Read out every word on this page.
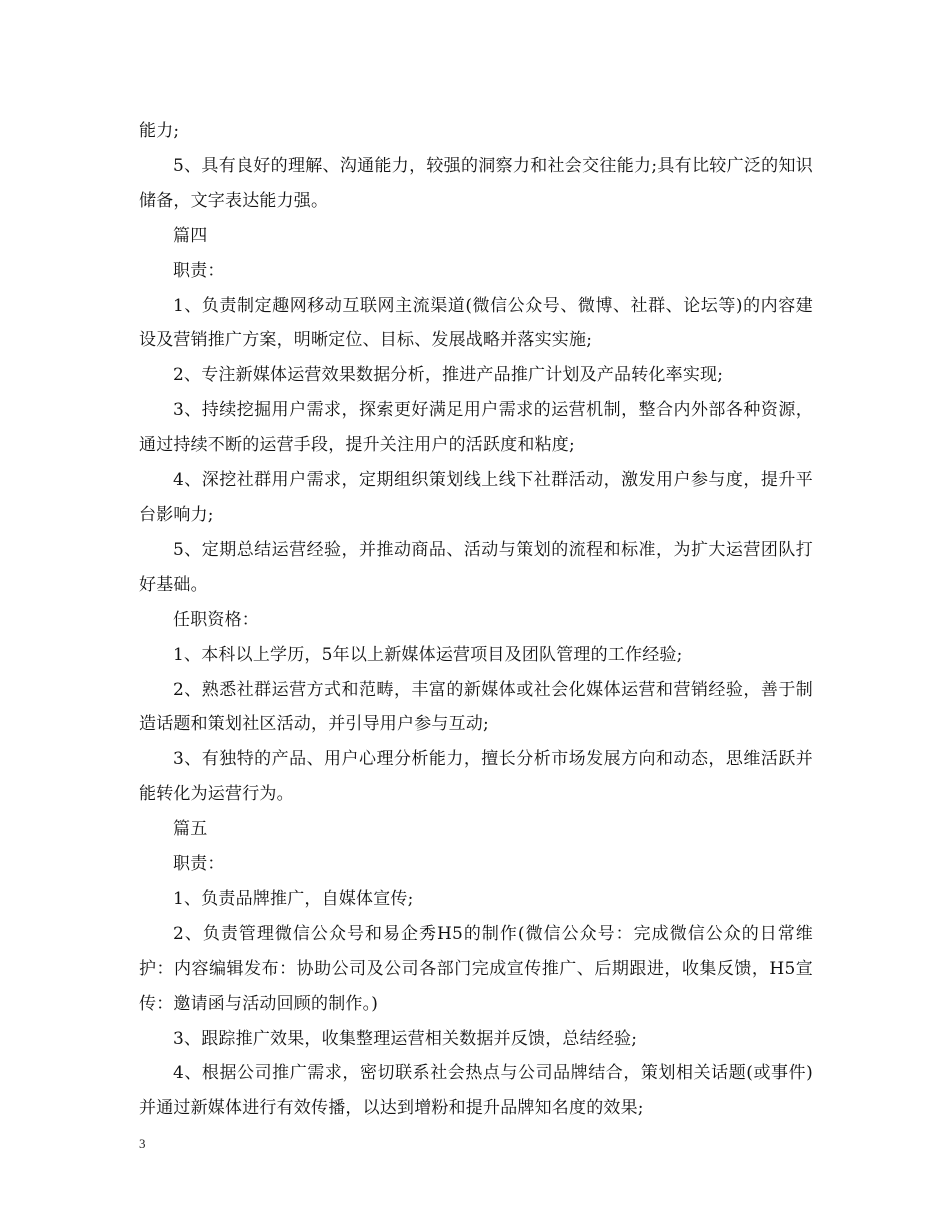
能力;

5、具有良好的理解、沟通能力，较强的洞察力和社会交往能力;具有比较广泛的知识储备，文字表达能力强。

篇四

职责：

1、负责制定趣网移动互联网主流渠道(微信公众号、微博、社群、论坛等)的内容建设及营销推广方案，明晰定位、目标、发展战略并落实实施;

2、专注新媒体运营效果数据分析，推进产品推广计划及产品转化率实现;

3、持续挖掘用户需求，探索更好满足用户需求的运营机制，整合内外部各种资源，通过持续不断的运营手段，提升关注用户的活跃度和粘度;

4、深挖社群用户需求，定期组织策划线上线下社群活动，激发用户参与度，提升平台影响力;

5、定期总结运营经验，并推动商品、活动与策划的流程和标准，为扩大运营团队打好基础。

任职资格：

1、本科以上学历，5年以上新媒体运营项目及团队管理的工作经验;

2、熟悉社群运营方式和范畴，丰富的新媒体或社会化媒体运营和营销经验，善于制造话题和策划社区活动，并引导用户参与互动;

3、有独特的产品、用户心理分析能力，擅长分析市场发展方向和动态，思维活跃并能转化为运营行为。

篇五

职责：

1、负责品牌推广，自媒体宣传;

2、负责管理微信公众号和易企秀H5的制作(微信公众号：完成微信公众的日常维护：内容编辑发布：协助公司及公司各部门完成宣传推广、后期跟进，收集反馈，H5宣传：邀请函与活动回顾的制作。)

3、跟踪推广效果，收集整理运营相关数据并反馈，总结经验;

4、根据公司推广需求，密切联系社会热点与公司品牌结合，策划相关话题(或事件)并通过新媒体进行有效传播，以达到增粉和提升品牌知名度的效果;

3
